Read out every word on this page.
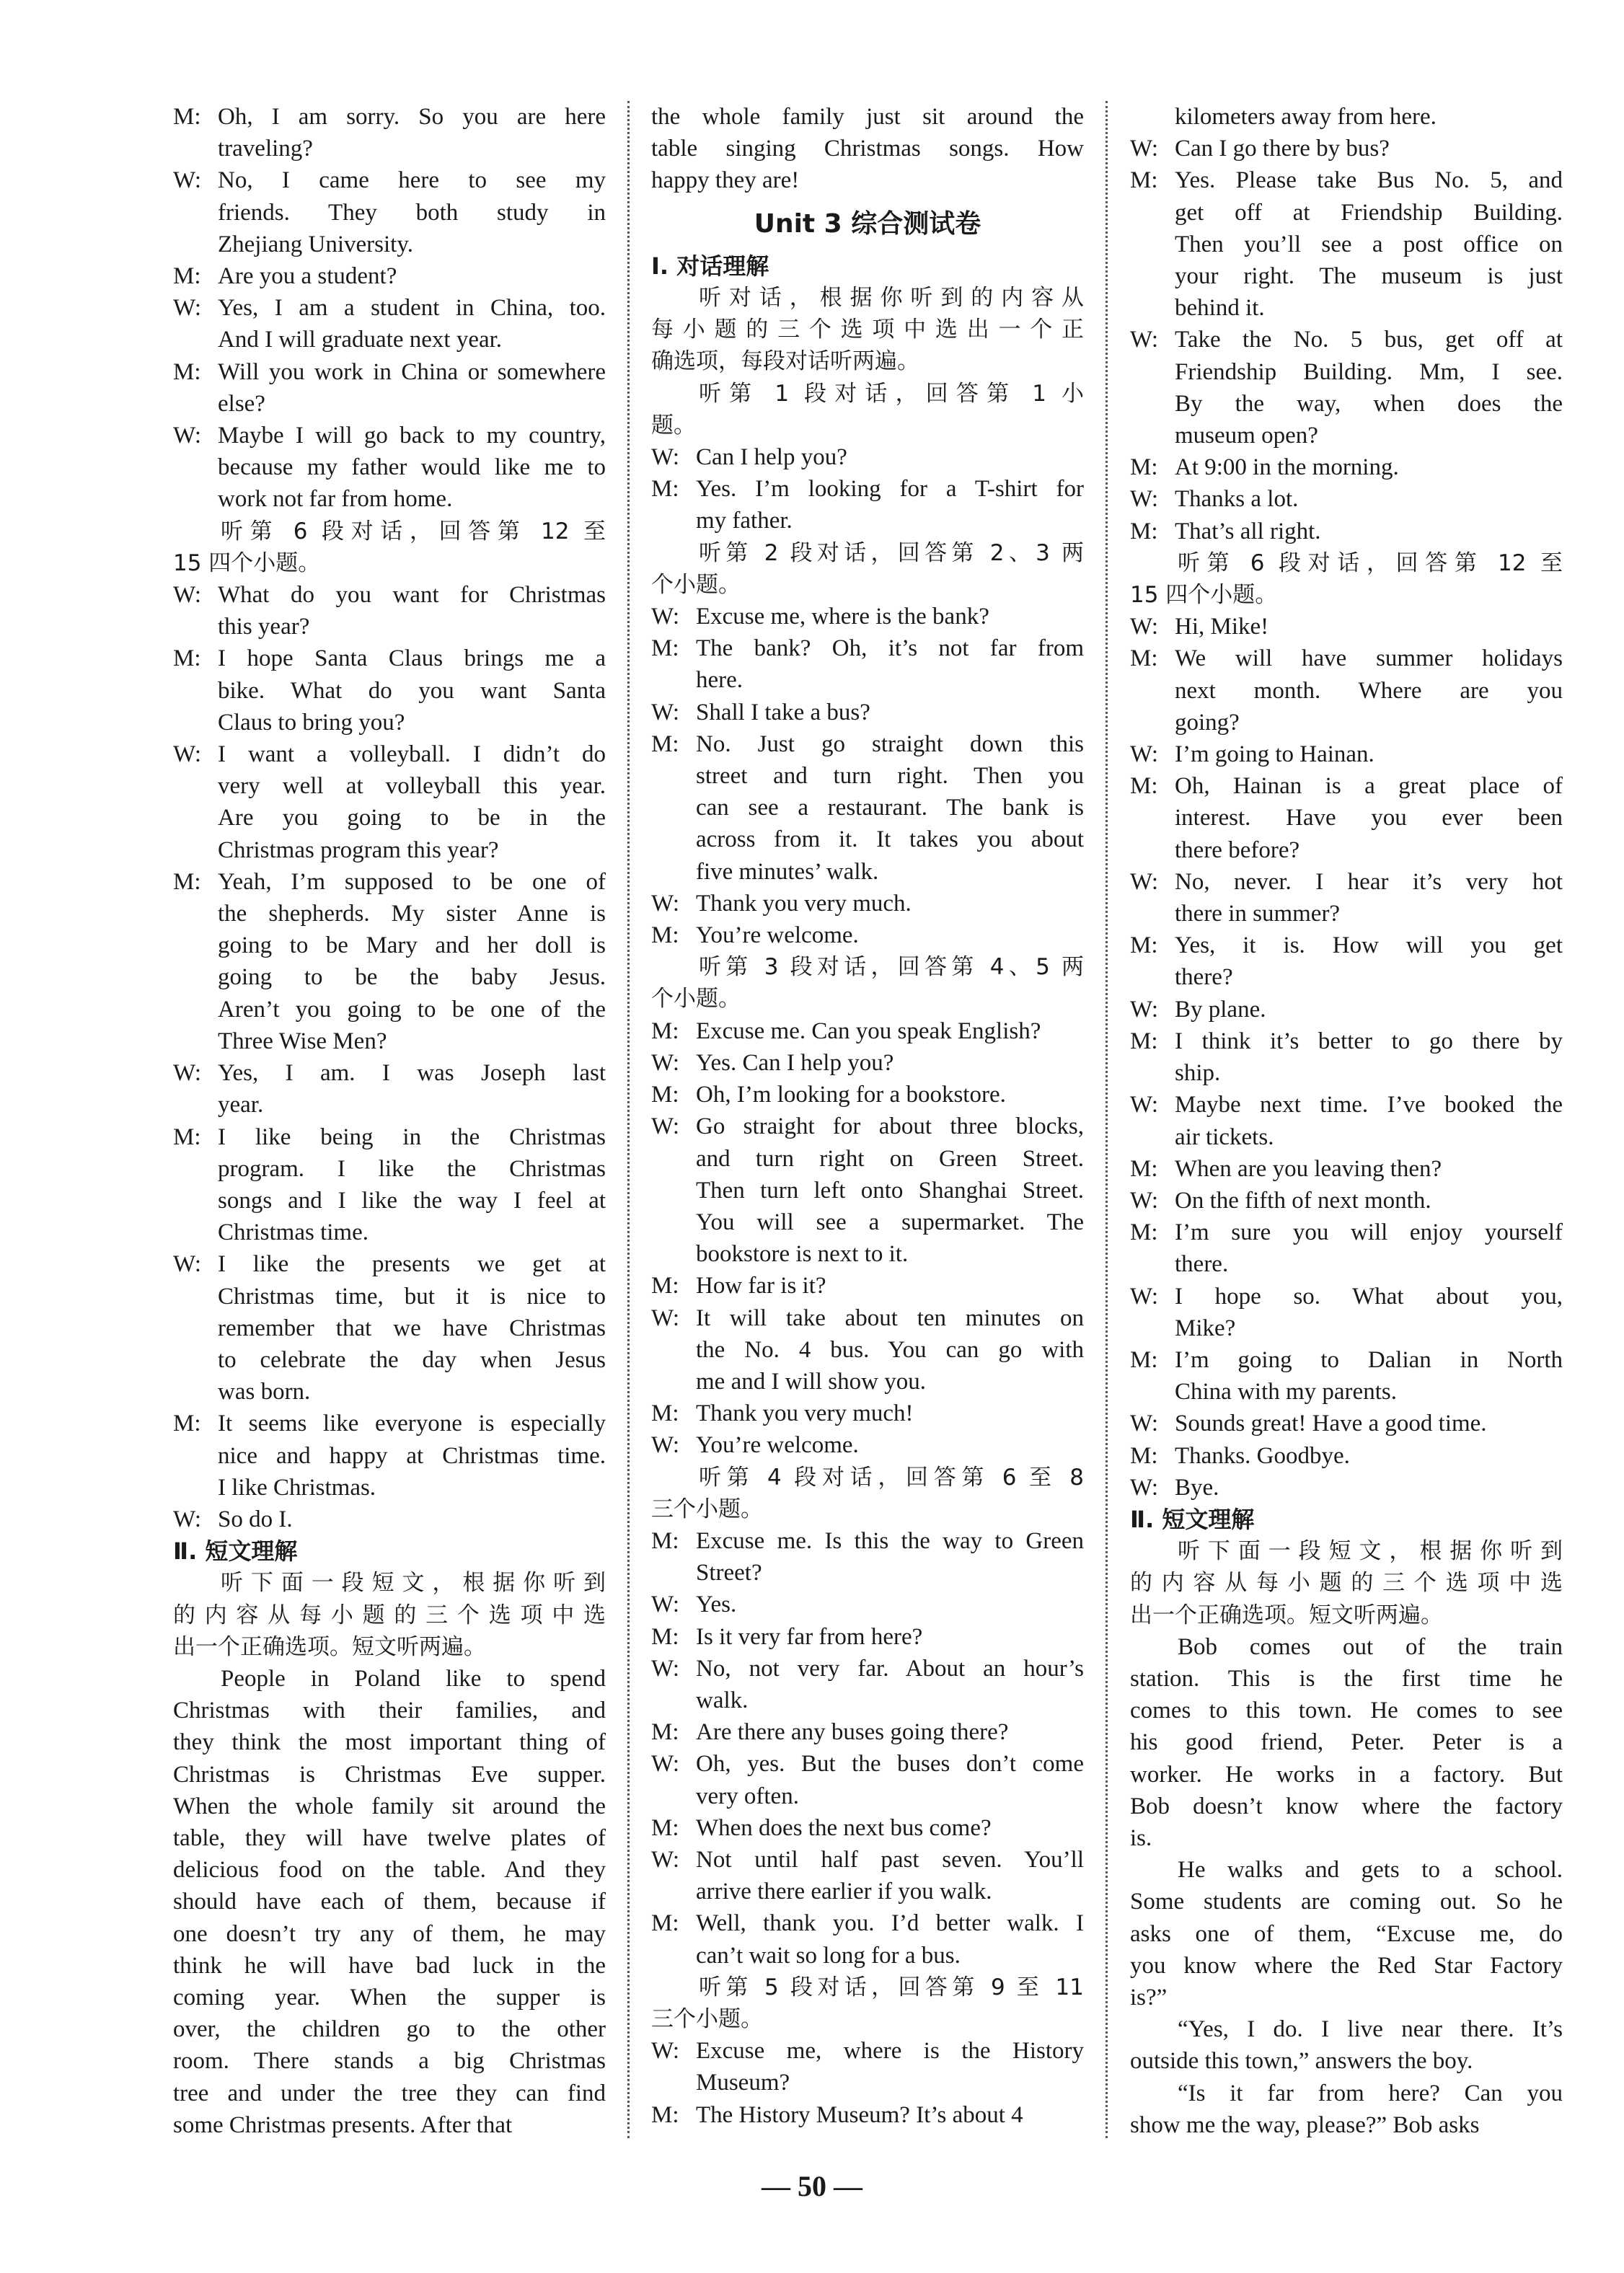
M: Oh, I am sorry. So you are here
traveling?
W: No, I came here to see my
friends. They both study in
Zhejiang University.
M: Are you a student?
W: Yes, I am a student in China, too.
And I will graduate next year.
M: Will you work in China or somewhere
else?
W: Maybe I will go back to my country,
because my father would like me to
work not far from home.
听第 6 段对话，回答第 12 至
15 四个小题。
W: What do you want for Christmas
this year?
M: I hope Santa Claus brings me a
bike. What do you want Santa
Claus to bring you?
W: I want a volleyball. I didn’t do
very well at volleyball this year.
Are you going to be in the
Christmas program this year?
M: Yeah, I’m supposed to be one of
the shepherds. My sister Anne is
going to be Mary and her doll is
going to be the baby Jesus.
Aren’t you going to be one of the
Three Wise Men?
W: Yes, I am. I was Joseph last
year.
M: I like being in the Christmas
program. I like the Christmas
songs and I like the way I feel at
Christmas time.
W: I like the presents we get at
Christmas time, but it is nice to
remember that we have Christmas
to celebrate the day when Jesus
was born.
M: It seems like everyone is especially
nice and happy at Christmas time.
I like Christmas.
W: So do I.
Ⅱ. 短文理解
听下面一段短文，根据你听到
的内容从每小题的三个选项中选
出一个正确选项。短文听两遍。
People in Poland like to spend
Christmas with their families, and
they think the most important thing of
Christmas is Christmas Eve supper.
When the whole family sit around the
table, they will have twelve plates of
delicious food on the table. And they
should have each of them, because if
one doesn’t try any of them, he may
think he will have bad luck in the
coming year. When the supper is
over, the children go to the other
room. There stands a big Christmas
tree and under the tree they can find
some Christmas presents. After that
the whole family just sit around the
table singing Christmas songs. How
happy they are!
Unit 3 综合测试卷
Ⅰ. 对话理解
听对话，根据你听到的内容从
每小题的三个选项中选出一个正
确选项，每段对话听两遍。
听第 1 段对话，回答第 1 小
题。
W: Can I help you?
M: Yes. I’m looking for a T-shirt for
my father.
听第 2 段对话，回答第 2、3 两
个小题。
W: Excuse me, where is the bank?
M: The bank? Oh, it’s not far from
here.
W: Shall I take a bus?
M: No. Just go straight down this
street and turn right. Then you
can see a restaurant. The bank is
across from it. It takes you about
five minutes’ walk.
W: Thank you very much.
M: You’re welcome.
听第 3 段对话，回答第 4、5 两
个小题。
M: Excuse me. Can you speak English?
W: Yes. Can I help you?
M: Oh, I’m looking for a bookstore.
W: Go straight for about three blocks,
and turn right on Green Street.
Then turn left onto Shanghai Street.
You will see a supermarket. The
bookstore is next to it.
M: How far is it?
W: It will take about ten minutes on
the No. 4 bus. You can go with
me and I will show you.
M: Thank you very much!
W: You’re welcome.
听第 4 段对话，回答第 6 至 8
三个小题。
M: Excuse me. Is this the way to Green
Street?
W: Yes.
M: Is it very far from here?
W: No, not very far. About an hour’s
walk.
M: Are there any buses going there?
W: Oh, yes. But the buses don’t come
very often.
M: When does the next bus come?
W: Not until half past seven. You’ll
arrive there earlier if you walk.
M: Well, thank you. I’d better walk. I
can’t wait so long for a bus.
听第 5 段对话，回答第 9 至 11
三个小题。
W: Excuse me, where is the History
Museum?
M: The History Museum? It’s about 4
kilometers away from here.
W: Can I go there by bus?
M: Yes. Please take Bus No. 5, and
get off at Friendship Building.
Then you’ll see a post office on
your right. The museum is just
behind it.
W: Take the No. 5 bus, get off at
Friendship Building. Mm, I see.
By the way, when does the
museum open?
M: At 9:00 in the morning.
W: Thanks a lot.
M: That’s all right.
听第 6 段对话，回答第 12 至
15 四个小题。
W: Hi, Mike!
M: We will have summer holidays
next month. Where are you
going?
W: I’m going to Hainan.
M: Oh, Hainan is a great place of
interest. Have you ever been
there before?
W: No, never. I hear it’s very hot
there in summer?
M: Yes, it is. How will you get
there?
W: By plane.
M: I think it’s better to go there by
ship.
W: Maybe next time. I’ve booked the
air tickets.
M: When are you leaving then?
W: On the fifth of next month.
M: I’m sure you will enjoy yourself
there.
W: I hope so. What about you,
Mike?
M: I’m going to Dalian in North
China with my parents.
W: Sounds great! Have a good time.
M: Thanks. Goodbye.
W: Bye.
Ⅱ. 短文理解
听下面一段短文，根据你听到
的内容从每小题的三个选项中选
出一个正确选项。短文听两遍。
Bob comes out of the train
station. This is the first time he
comes to this town. He comes to see
his good friend, Peter. Peter is a
worker. He works in a factory. But
Bob doesn’t know where the factory
is.
He walks and gets to a school.
Some students are coming out. So he
asks one of them, “Excuse me, do
you know where the Red Star Factory
is?”
“Yes, I do. I live near there. It’s
outside this town,” answers the boy.
“Is it far from here? Can you
show me the way, please?” Bob asks
— 50 —
